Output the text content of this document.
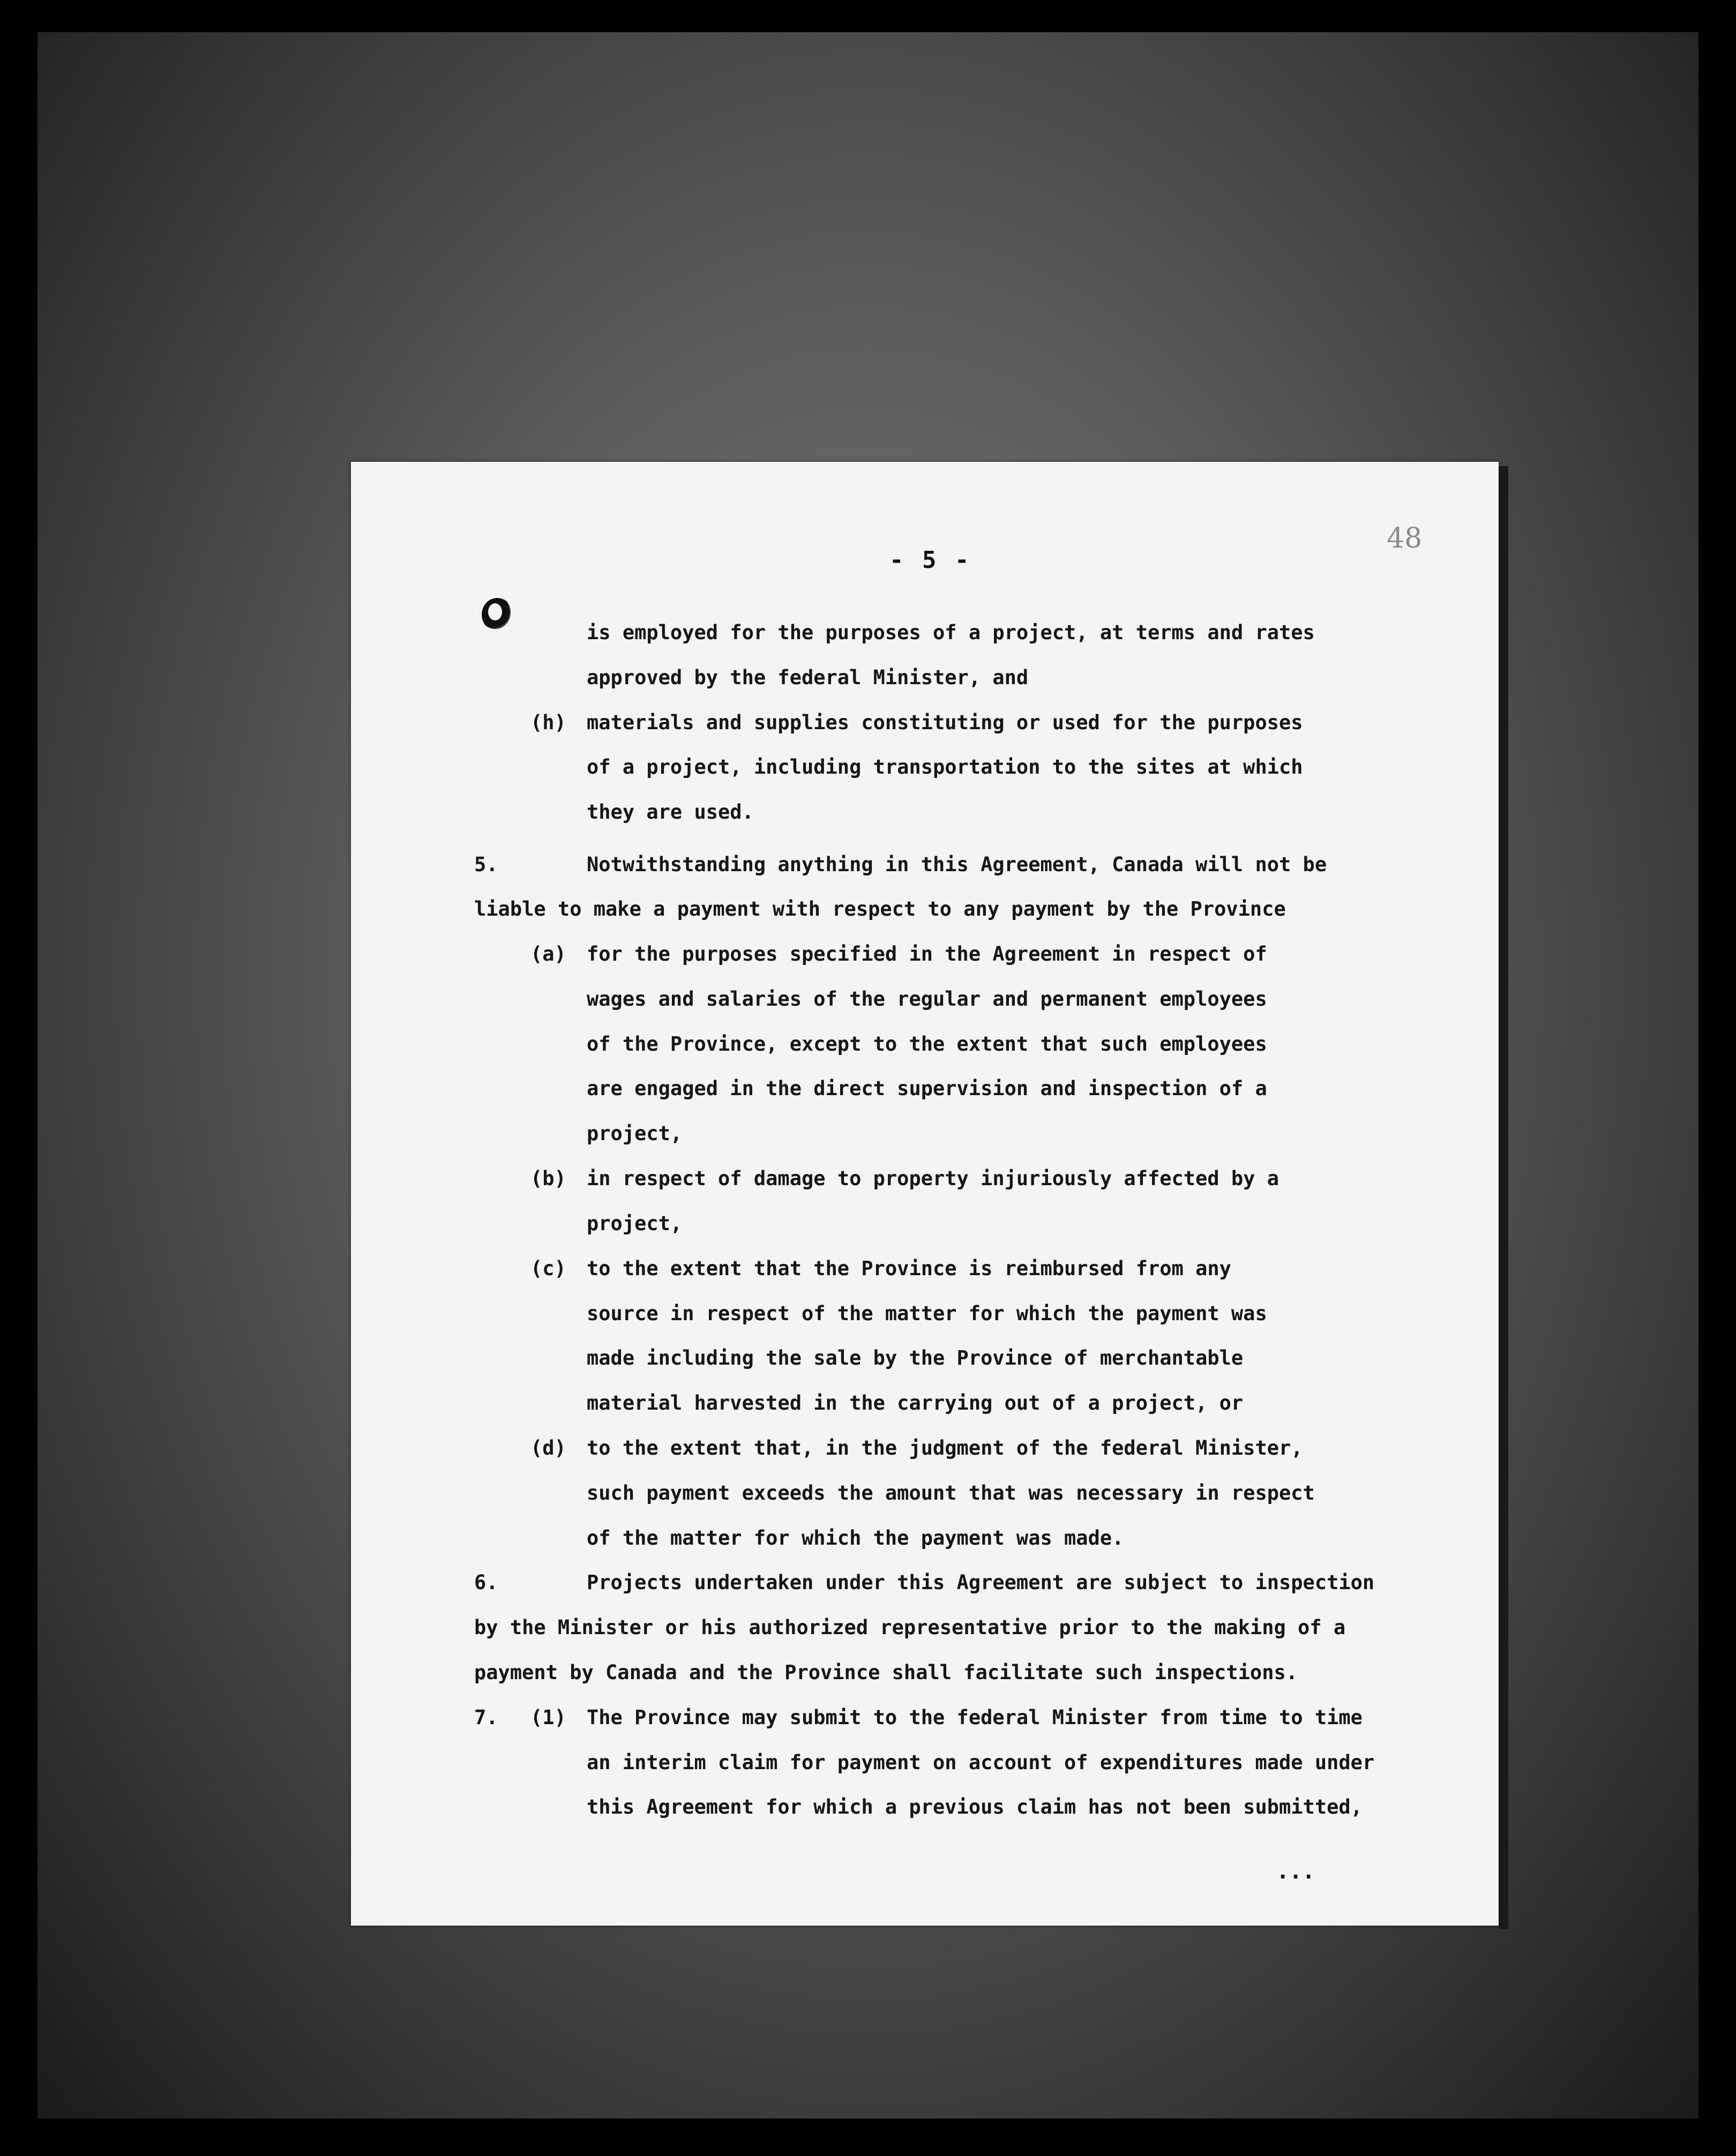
- 5 -
48
is employed for the purposes of a project, at terms and rates
approved by the federal Minister, and
(h) materials and supplies constituting or used for the purposes
of a project, including transportation to the sites at which
they are used.
5.	Notwithstanding anything in this Agreement, Canada will not be
liable to make a payment with respect to any payment by the Province
(a) for the purposes specified in the Agreement in respect of
wages and salaries of the regular and permanent employees
of the Province, except to the extent that such employees
are engaged in the direct supervision and inspection of a
project,
(b) in respect of damage to property injuriously affected by a
project,
(c) to the extent that the Province is reimbursed from any
source in respect of the matter for which the payment was
made including the sale by the Province of merchantable
material harvested in the carrying out of a project, or
(d) to the extent that, in the judgment of the federal Minister,
such payment exceeds the amount that was necessary in respect
of the matter for which the payment was made.
6.	Projects undertaken under this Agreement are subject to inspection
by the Minister or his authorized representative prior to the making of a
payment by Canada and the Province shall facilitate such inspections.
7. (1) The Province may submit to the federal Minister from time to time
an interim claim for payment on account of expenditures made under
this Agreement for which a previous claim has not been submitted,
...
